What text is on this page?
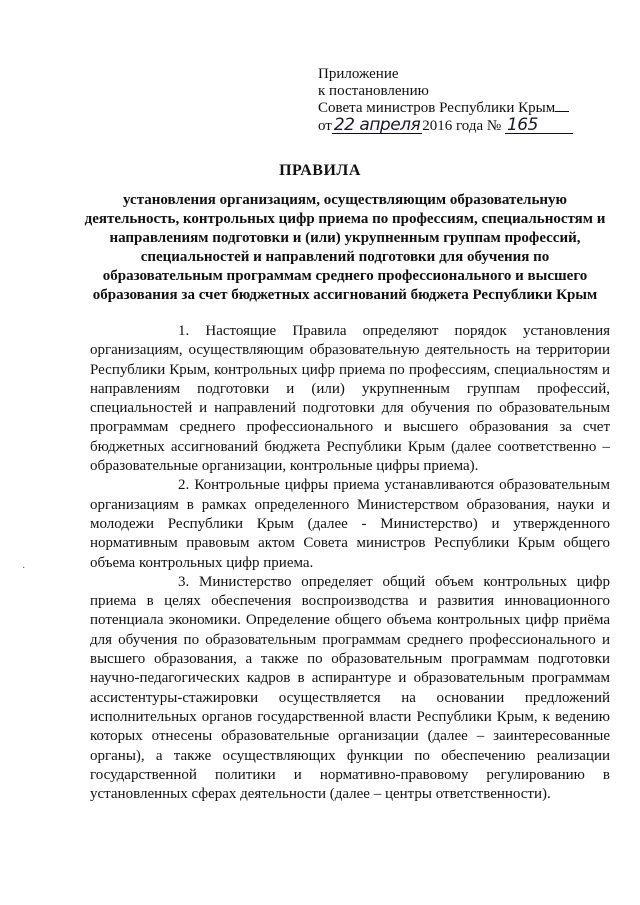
Приложение
к постановлению
Совета министров Республики Крым
от 22 апреля 2016 года № 165
ПРАВИЛА
установления организациям, осуществляющим образовательную деятельность, контрольных цифр приема по профессиям, специальностям и направлениям подготовки и (или) укрупненным группам профессий, специальностей и направлений подготовки для обучения по образовательным программам среднего профессионального и высшего образования за счет бюджетных ассигнований бюджета Республики Крым

1. Настоящие Правила определяют порядок установления организациям, осуществляющим образовательную деятельность на территории Республики Крым, контрольных цифр приема по профессиям, специальностям и направлениям подготовки и (или) укрупненным группам профессий, специальностей и направлений подготовки для обучения по образовательным программам среднего профессионального и высшего образования за счет бюджетных ассигнований бюджета Республики Крым (далее соответственно – образовательные организации, контрольные цифры приема).

2. Контрольные цифры приема устанавливаются образовательным организациям в рамках определенного Министерством образования, науки и молодежи Республики Крым (далее - Министерство) и утвержденного нормативным правовым актом Совета министров Республики Крым общего объема контрольных цифр приема.

3. Министерство определяет общий объем контрольных цифр приема в целях обеспечения воспроизводства и развития инновационного потенциала экономики. Определение общего объема контрольных цифр приёма для обучения по образовательным программам среднего профессионального и высшего образования, а также по образовательным программам подготовки научно-педагогических кадров в аспирантуре и образовательным программам ассистентуры-стажировки осуществляется на основании предложений исполнительных органов государственной власти Республики Крым, к ведению которых отнесены образовательные организации (далее – заинтересованные органы), а также осуществляющих функции по обеспечению реализации государственной политики и нормативно-правовому регулированию в установленных сферах деятельности (далее – центры ответственности).

·
